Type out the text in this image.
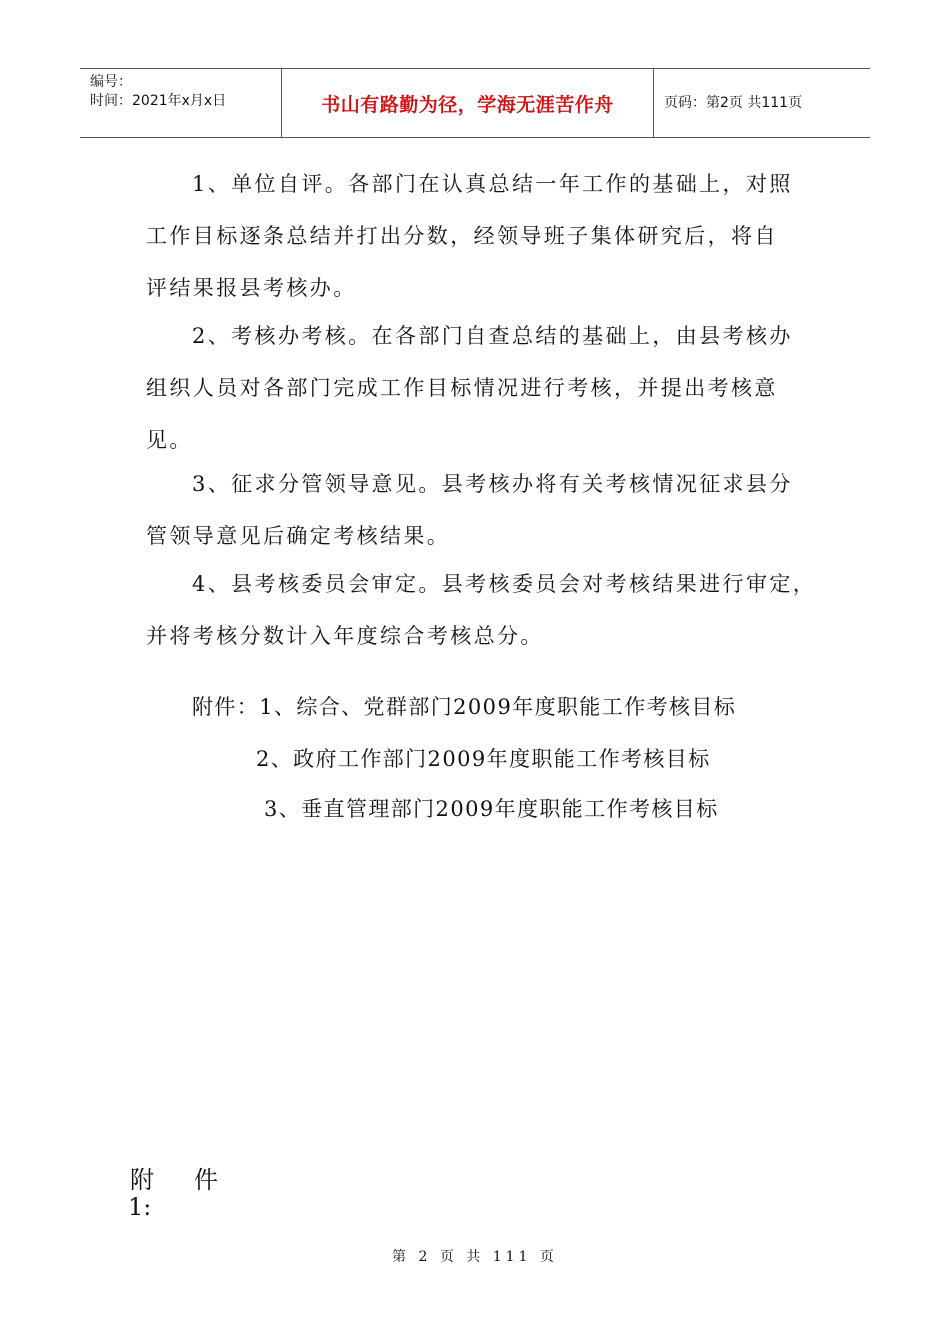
编号：
时间：2021年x月x日	书山有路勤为径，学海无涯苦作舟	页码：第2页 共111页
1、单位自评。各部门在认真总结一年工作的基础上，对照
工作目标逐条总结并打出分数，经领导班子集体研究后，将自
评结果报县考核办。
2、考核办考核。在各部门自查总结的基础上，由县考核办
组织人员对各部门完成工作目标情况进行考核，并提出考核意
见。
3、征求分管领导意见。县考核办将有关考核情况征求县分
管领导意见后确定考核结果。
4、县考核委员会审定。县考核委员会对考核结果进行审定，
并将考核分数计入年度综合考核总分。
附件：1、综合、党群部门2009年度职能工作考核目标
2、政府工作部门2009年度职能工作考核目标
3、垂直管理部门2009年度职能工作考核目标
附 件
1:
第 2 页 共 111 页
